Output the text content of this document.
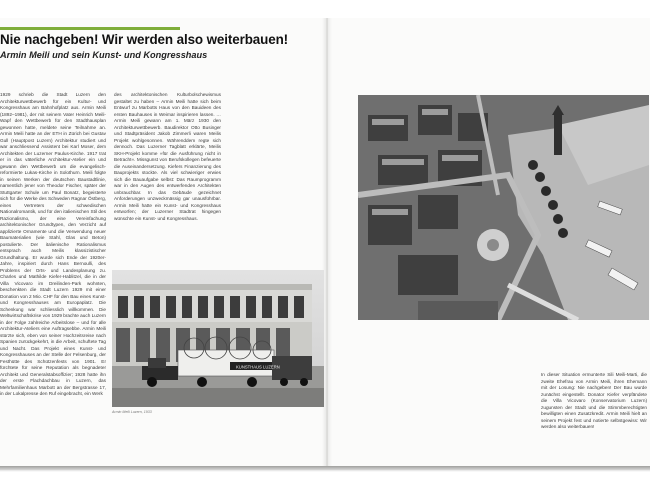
Nie nachgeben! Wir werden also weiterbauen!
Armin Meili und sein Kunst- und Kongresshaus

1929 schrieb die Stadt Luzern den Architekturwettbewerb für ein Kultur- und Kongresshaus am Bahnhofplatz aus. Armin Meili (1892–1981), der mit seinem Vater Heinrich Meili-Wapf den Wettbewerb für den Stadthausplan gewonnen hatte, meldete seine Teilnahme an. Armin Meili hatte an der ETH in Zürich bei Gustav Gull (Hauptpost Luzern) Architektur studiert und war anschliessend Assistent bei Karl Moser, dem Architekten der Luzerner Paulus-Kirche. 1917 trat er in das väterliche Architektur-Atelier ein und gewann den Wettbewerb um die evangelisch-reformierte Lukas-Kirche in Solothurn. Meili folgte in seinen Werken der deutschen Baustadtlinie, namentlich jener von Theodor Fischer, später der Stuttgarter Schule um Paul Bonatz, begeisterte sich für die Werke des Schweden Ragnar Östberg, eines Vertreters der schwedischen Nationalromantik, und für den italienischen Stil des Razionalismo, der eine Vereinfachung architektonischer Grundtypen, den Verzicht auf applizierte Ornamente und die Verwendung neuer Baumaterialien (wie Stahl, Glas und Beton) postulierte. Der italienische Rationalismus entsprach auch Meilis klassizistischer Grundhaltung. Er wurde sich Ende der 1920er-Jahre, inspiriert durch Hans Bernoulli, des Problems der Orts- und Landesplanung zu. Charles und Mathilde Kiefer-Hablitzel, die in der Villa Vicovaro im Dreilinden-Park wohnten, beschenkten die Stadt Luzern 1929 mit einer Donation von 2 Mio. CHF für den Bau eines Kunst- und Kongresshauses am Europaplatz. Die Schenkung war schliesslich willkommen. Die Weltwirtschaftskrise von 1929 brachte auch Luzern in der Folge zahlreiche Arbeitslose – und für alle Architektur-Ateliers eine Auftragsebbe. Armin Meili stürzte sich, eben von seiner Hochzeitsreise nach Spanien zurückgekehrt, in die Arbeit, schuftete Tag und Nacht. Das Projekt eines Kunst- und Kongresshauses an der Stelle der Felsenburg, der Festhütte des Schützenfests von 1901. Er fürchtete für seine Reputation als begnadeter Architekt und Generalstabsoffizier; 1928 hatte ihn der erste Flachdachbau in Luzern, das Mehrfamilienhaus Marbott an der Bergstrasse 17, in der Lokalpresse den Ruf eingebracht, ein Werk

des architektonischen Kulturbolschewismus gestaltet zu haben – Armin Meili hatte sich beim Entwurf zu Marbotts Haus von den Bauideen des ersten Bauhauses in Weimar inspirieren lassen. … Armin Meili gewann am 1. März 1930 den Architekturwettbewerb. Baudirektor Otto Businger und Stadtpräsident Jakob Zimmerli waren Meilis Projekt wohlgesonnen. Währenddem regte sich dennoch. Das Luzerner Tagblatt erklärte, Meilis SKH-Projekt komme »für die Ausführung nicht in Betracht«. Missgunst von Berufskollegen befeuerte die Auseinandersetzung. Kiefers Finanzierung des Bauprojekts stockte. Als viel schwieriger erwies sich die Bauaufgabe selbst: Das Raumprogramm war in den Augen des entwerfenden Architekten unbrauchbar. In das Gebäude gezeichnet Anforderungen unzweckmässig gar unausführbar. Armin Meili hatte ein Kunst- und Kongresshaus entworfen; der Luzerner Stadtrat hingegen wünschte ein Kunst- und Kongresshaus.

KUNSTHAUS LUZERN
Armin Meili Luzern, 1933

In dieser Situation ermunterte Sili Meili-Marti, die zweite Ehefrau von Armin Meili, ihren Ehemann mit der Losung: Nie nachgeben! Der Bau wurde zunächst eingestellt. Donator Kiefer verpfändete die Villa Vicovaro (Konservatorium Luzern) zugunsten der Stadt und die Stimmberechtigten bewilligten einen Zusatzkredit. Armin Meili hielt an seinem Projekt fest und notierte selbstgewiss: Wir werden also weiterbauen!
